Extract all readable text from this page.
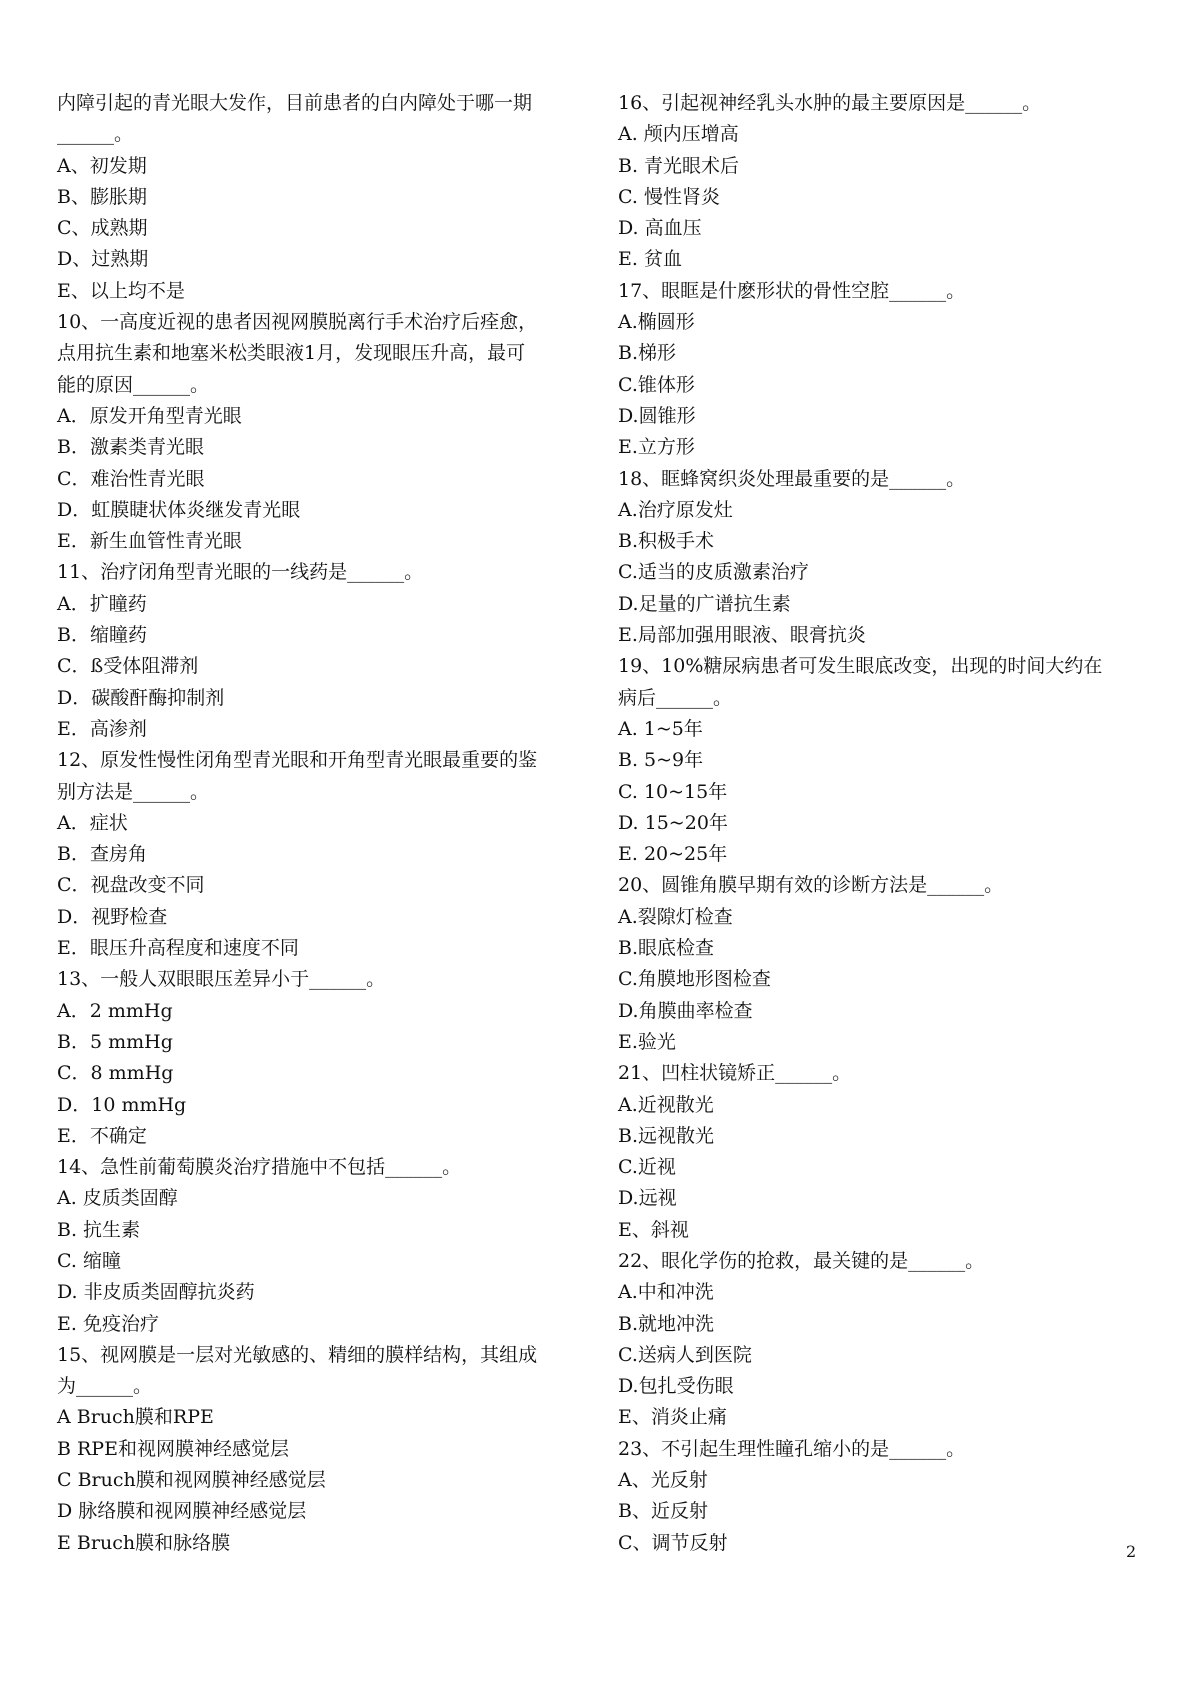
内障引起的青光眼大发作，目前患者的白内障处于哪一期
______。
A、初发期
B、膨胀期
C、成熟期
D、过熟期
E、以上均不是
10、一高度近视的患者因视网膜脱离行手术治疗后痊愈，
点用抗生素和地塞米松类眼液1月，发现眼压升高，最可
能的原因______。
A．原发开角型青光眼
B．激素类青光眼
C．难治性青光眼
D．虹膜睫状体炎继发青光眼
E．新生血管性青光眼
11、治疗闭角型青光眼的一线药是______。
A．扩瞳药
B．缩瞳药
C．ß受体阻滞剂
D．碳酸酐酶抑制剂
E．高渗剂
12、原发性慢性闭角型青光眼和开角型青光眼最重要的鉴
别方法是______。
A．症状
B．查房角
C．视盘改变不同
D．视野检查
E．眼压升高程度和速度不同
13、一般人双眼眼压差异小于______。
A．2 mmHg
B．5 mmHg
C．8 mmHg
D．10 mmHg
E．不确定
14、急性前葡萄膜炎治疗措施中不包括______。
A. 皮质类固醇
B. 抗生素
C. 缩瞳
D. 非皮质类固醇抗炎药
E. 免疫治疗
15、视网膜是一层对光敏感的、精细的膜样结构，其组成
为______。
A Bruch膜和RPE
B RPE和视网膜神经感觉层
C Bruch膜和视网膜神经感觉层
D 脉络膜和视网膜神经感觉层
E Bruch膜和脉络膜
16、引起视神经乳头水肿的最主要原因是______。
A. 颅内压增高
B. 青光眼术后
C. 慢性肾炎
D. 高血压
E. 贫血
17、眼眶是什麽形状的骨性空腔______。
A.椭圆形
B.梯形
C.锥体形
D.圆锥形
E.立方形
18、眶蜂窝织炎处理最重要的是______。
A.治疗原发灶
B.积极手术
C.适当的皮质激素治疗
D.足量的广谱抗生素
E.局部加强用眼液、眼膏抗炎
19、10%糖尿病患者可发生眼底改变，出现的时间大约在
病后______。
A. 1~5年
B. 5~9年
C. 10~15年
D. 15~20年
E. 20~25年
20、圆锥角膜早期有效的诊断方法是______。
A.裂隙灯检查
B.眼底检查
C.角膜地形图检查
D.角膜曲率检查
E.验光
21、凹柱状镜矫正______。
A.近视散光
B.远视散光
C.近视
D.远视
E、斜视
22、眼化学伤的抢救，最关键的是______。
A.中和冲洗
B.就地冲洗
C.送病人到医院
D.包扎受伤眼
E、消炎止痛
23、不引起生理性瞳孔缩小的是______。
A、光反射
B、近反射
C、调节反射	2
